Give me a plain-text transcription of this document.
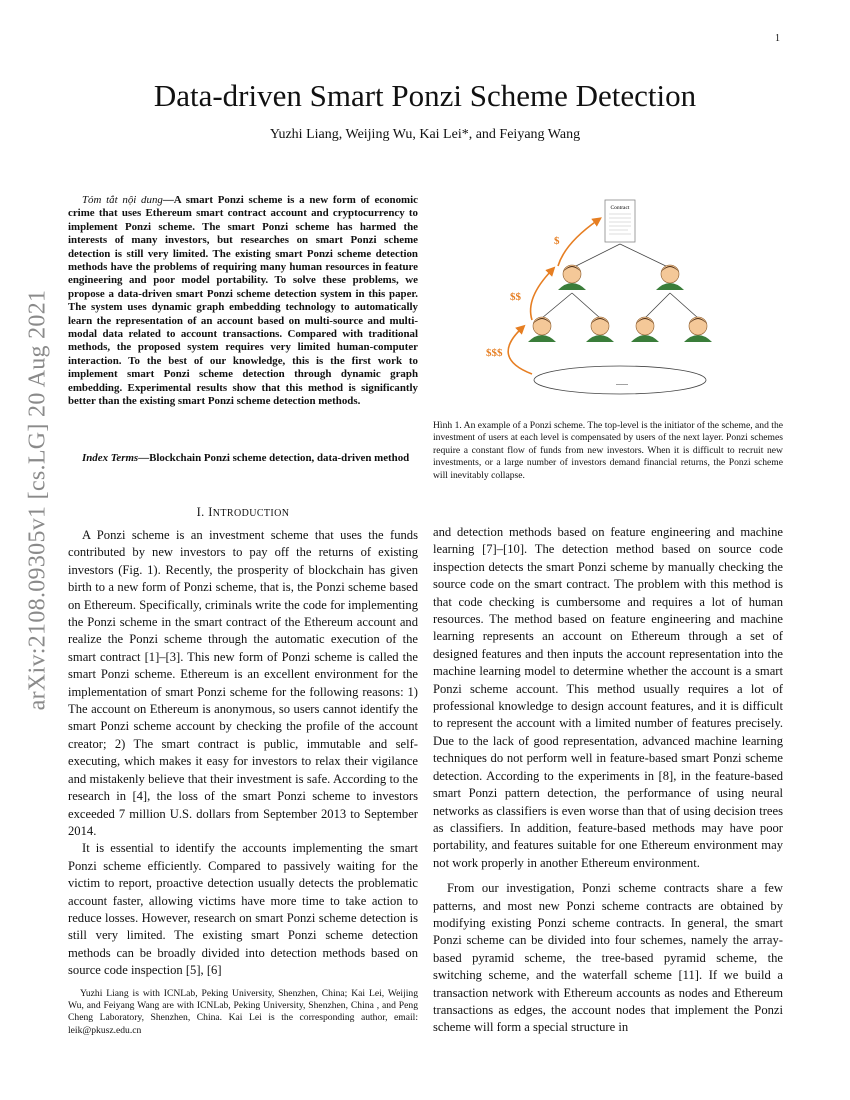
1
arXiv:2108.09305v1 [cs.LG] 20 Aug 2021
Data-driven Smart Ponzi Scheme Detection
Yuzhi Liang, Weijing Wu, Kai Lei*, and Feiyang Wang
Tóm tắt nội dung—A smart Ponzi scheme is a new form of economic crime that uses Ethereum smart contract account and cryptocurrency to implement Ponzi scheme. The smart Ponzi scheme has harmed the interests of many investors, but researches on smart Ponzi scheme detection is still very limited. The existing smart Ponzi scheme detection methods have the problems of requiring many human resources in feature engineering and poor model portability. To solve these problems, we propose a data-driven smart Ponzi scheme detection system in this paper. The system uses dynamic graph embedding technology to automatically learn the representation of an account based on multi-source and multi-modal data related to account transactions. Compared with traditional methods, the proposed system requires very limited human-computer interaction. To the best of our knowledge, this is the first work to implement smart Ponzi scheme detection through dynamic graph embedding. Experimental results show that this method is significantly better than the existing smart Ponzi scheme detection methods.
Index Terms—Blockchain Ponzi scheme detection, data-driven method
I. INTRODUCTION

A Ponzi scheme is an investment scheme that uses the funds contributed by new investors to pay off the returns of existing investors (Fig. 1). Recently, the prosperity of blockchain has given birth to a new form of Ponzi scheme, that is, the Ponzi scheme based on Ethereum. Specifically, criminals write the code for implementing the Ponzi scheme in the smart contract of the Ethereum account and realize the Ponzi scheme through the automatic execution of the smart contract [1]–[3]. This new form of Ponzi scheme is called the smart Ponzi scheme. Ethereum is an excellent environment for the implementation of smart Ponzi scheme for the following reasons: 1) The account on Ethereum is anonymous, so users cannot identify the smart Ponzi scheme account by checking the profile of the account creator; 2) The smart contract is public, immutable and self-executing, which makes it easy for investors to relax their vigilance and mistakenly believe that their investment is safe. According to the research in [4], the loss of the smart Ponzi scheme to investors exceeded 7 million U.S. dollars from September 2013 to September 2014.

It is essential to identify the accounts implementing the smart Ponzi scheme efficiently. Compared to passively waiting for the victim to report, proactive detection usually detects the problematic account faster, allowing victims have more time to take action to reduce losses. However, research on smart Ponzi scheme detection is still very limited. The existing smart Ponzi scheme detection methods can be broadly divided into detection methods based on source code inspection [5], [6]

Yuzhi Liang is with ICNLab, Peking University, Shenzhen, China; Kai Lei, Weijing Wu, and Feiyang Wang are with ICNLab, Peking University, Shenzhen, China , and Peng Cheng Laboratory, Shenzhen, China. Kai Lei is the corresponding author, email: leik@pkusz.edu.cn
Contract
......
$
$$
$$$
Hình 1. An example of a Ponzi scheme. The top-level is the initiator of the scheme, and the investment of users at each level is compensated by users of the next layer. Ponzi schemes require a constant flow of funds from new investors. When it is difficult to recruit new investments, or a large number of investors demand financial returns, the Ponzi scheme will inevitably collapse.

and detection methods based on feature engineering and machine learning [7]–[10]. The detection method based on source code inspection detects the smart Ponzi scheme by manually checking the source code on the smart contract. The problem with this method is that code checking is cumbersome and requires a lot of human resources. The method based on feature engineering and machine learning represents an account on Ethereum through a set of designed features and then inputs the account representation into the machine learning model to determine whether the account is a smart Ponzi scheme account. This method usually requires a lot of professional knowledge to design account features, and it is difficult to represent the account with a limited number of features precisely. Due to the lack of good representation, advanced machine learning techniques do not perform well in feature-based smart Ponzi scheme detection. According to the experiments in [8], in the feature-based smart Ponzi pattern detection, the performance of using neural networks as classifiers is even worse than that of using decision trees as classifiers. In addition, feature-based methods may have poor portability, and features suitable for one Ethereum environment may not work properly in another Ethereum environment.

From our investigation, Ponzi scheme contracts share a few patterns, and most new Ponzi scheme contracts are obtained by modifying existing Ponzi scheme contracts. In general, the smart Ponzi scheme can be divided into four schemes, namely the array-based pyramid scheme, the tree-based pyramid scheme, the switching scheme, and the waterfall scheme [11]. If we build a transaction network with Ethereum accounts as nodes and Ethereum transactions as edges, the account nodes that implement the Ponzi scheme will form a special structure in
